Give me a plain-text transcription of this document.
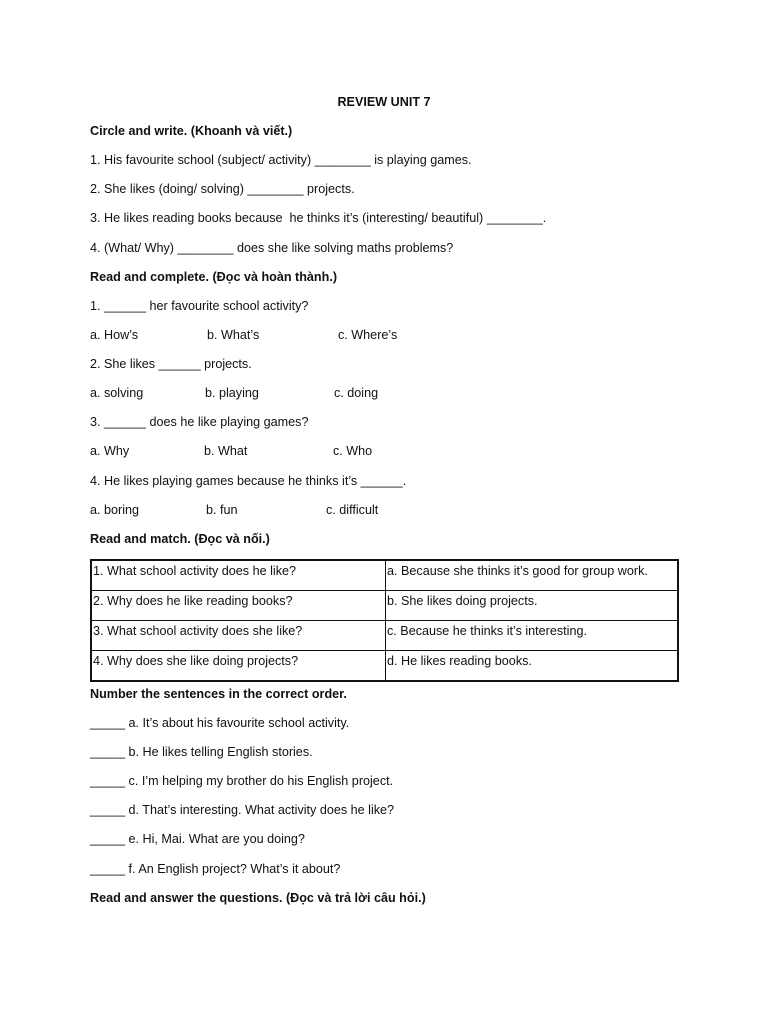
REVIEW UNIT 7
Circle and write. (Khoanh và viết.)
1. His favourite school (subject/ activity) ________ is playing games.
2. She likes (doing/ solving) ________ projects.
3. He likes reading books because  he thinks it’s (interesting/ beautiful) ________.
4. (What/ Why) ________ does she like solving maths problems?
Read and complete. (Đọc và hoàn thành.)
1. ______ her favourite school activity?
a. How’s	b. What’s	c. Where’s
2. She likes ______ projects.
a. solving	b. playing	c. doing
3. ______ does he like playing games?
a. Why	b. What	c. Who
4. He likes playing games because he thinks it’s ______.
a. boring	b. fun	c. difficult
Read and match. (Đọc và nối.)
1. What school activity does he like?	a. Because she thinks it’s good for group work.
2. Why does he like reading books?	b. She likes doing projects.
3. What school activity does she like?	c. Because he thinks it’s interesting.
4. Why does she like doing projects?	d. He likes reading books.
Number the sentences in the correct order.
_____ a. It’s about his favourite school activity.
_____ b. He likes telling English stories.
_____ c. I’m helping my brother do his English project.
_____ d. That’s interesting. What activity does he like?
_____ e. Hi, Mai. What are you doing?
_____ f. An English project? What’s it about?
Read and answer the questions. (Đọc và trả lời câu hỏi.)
